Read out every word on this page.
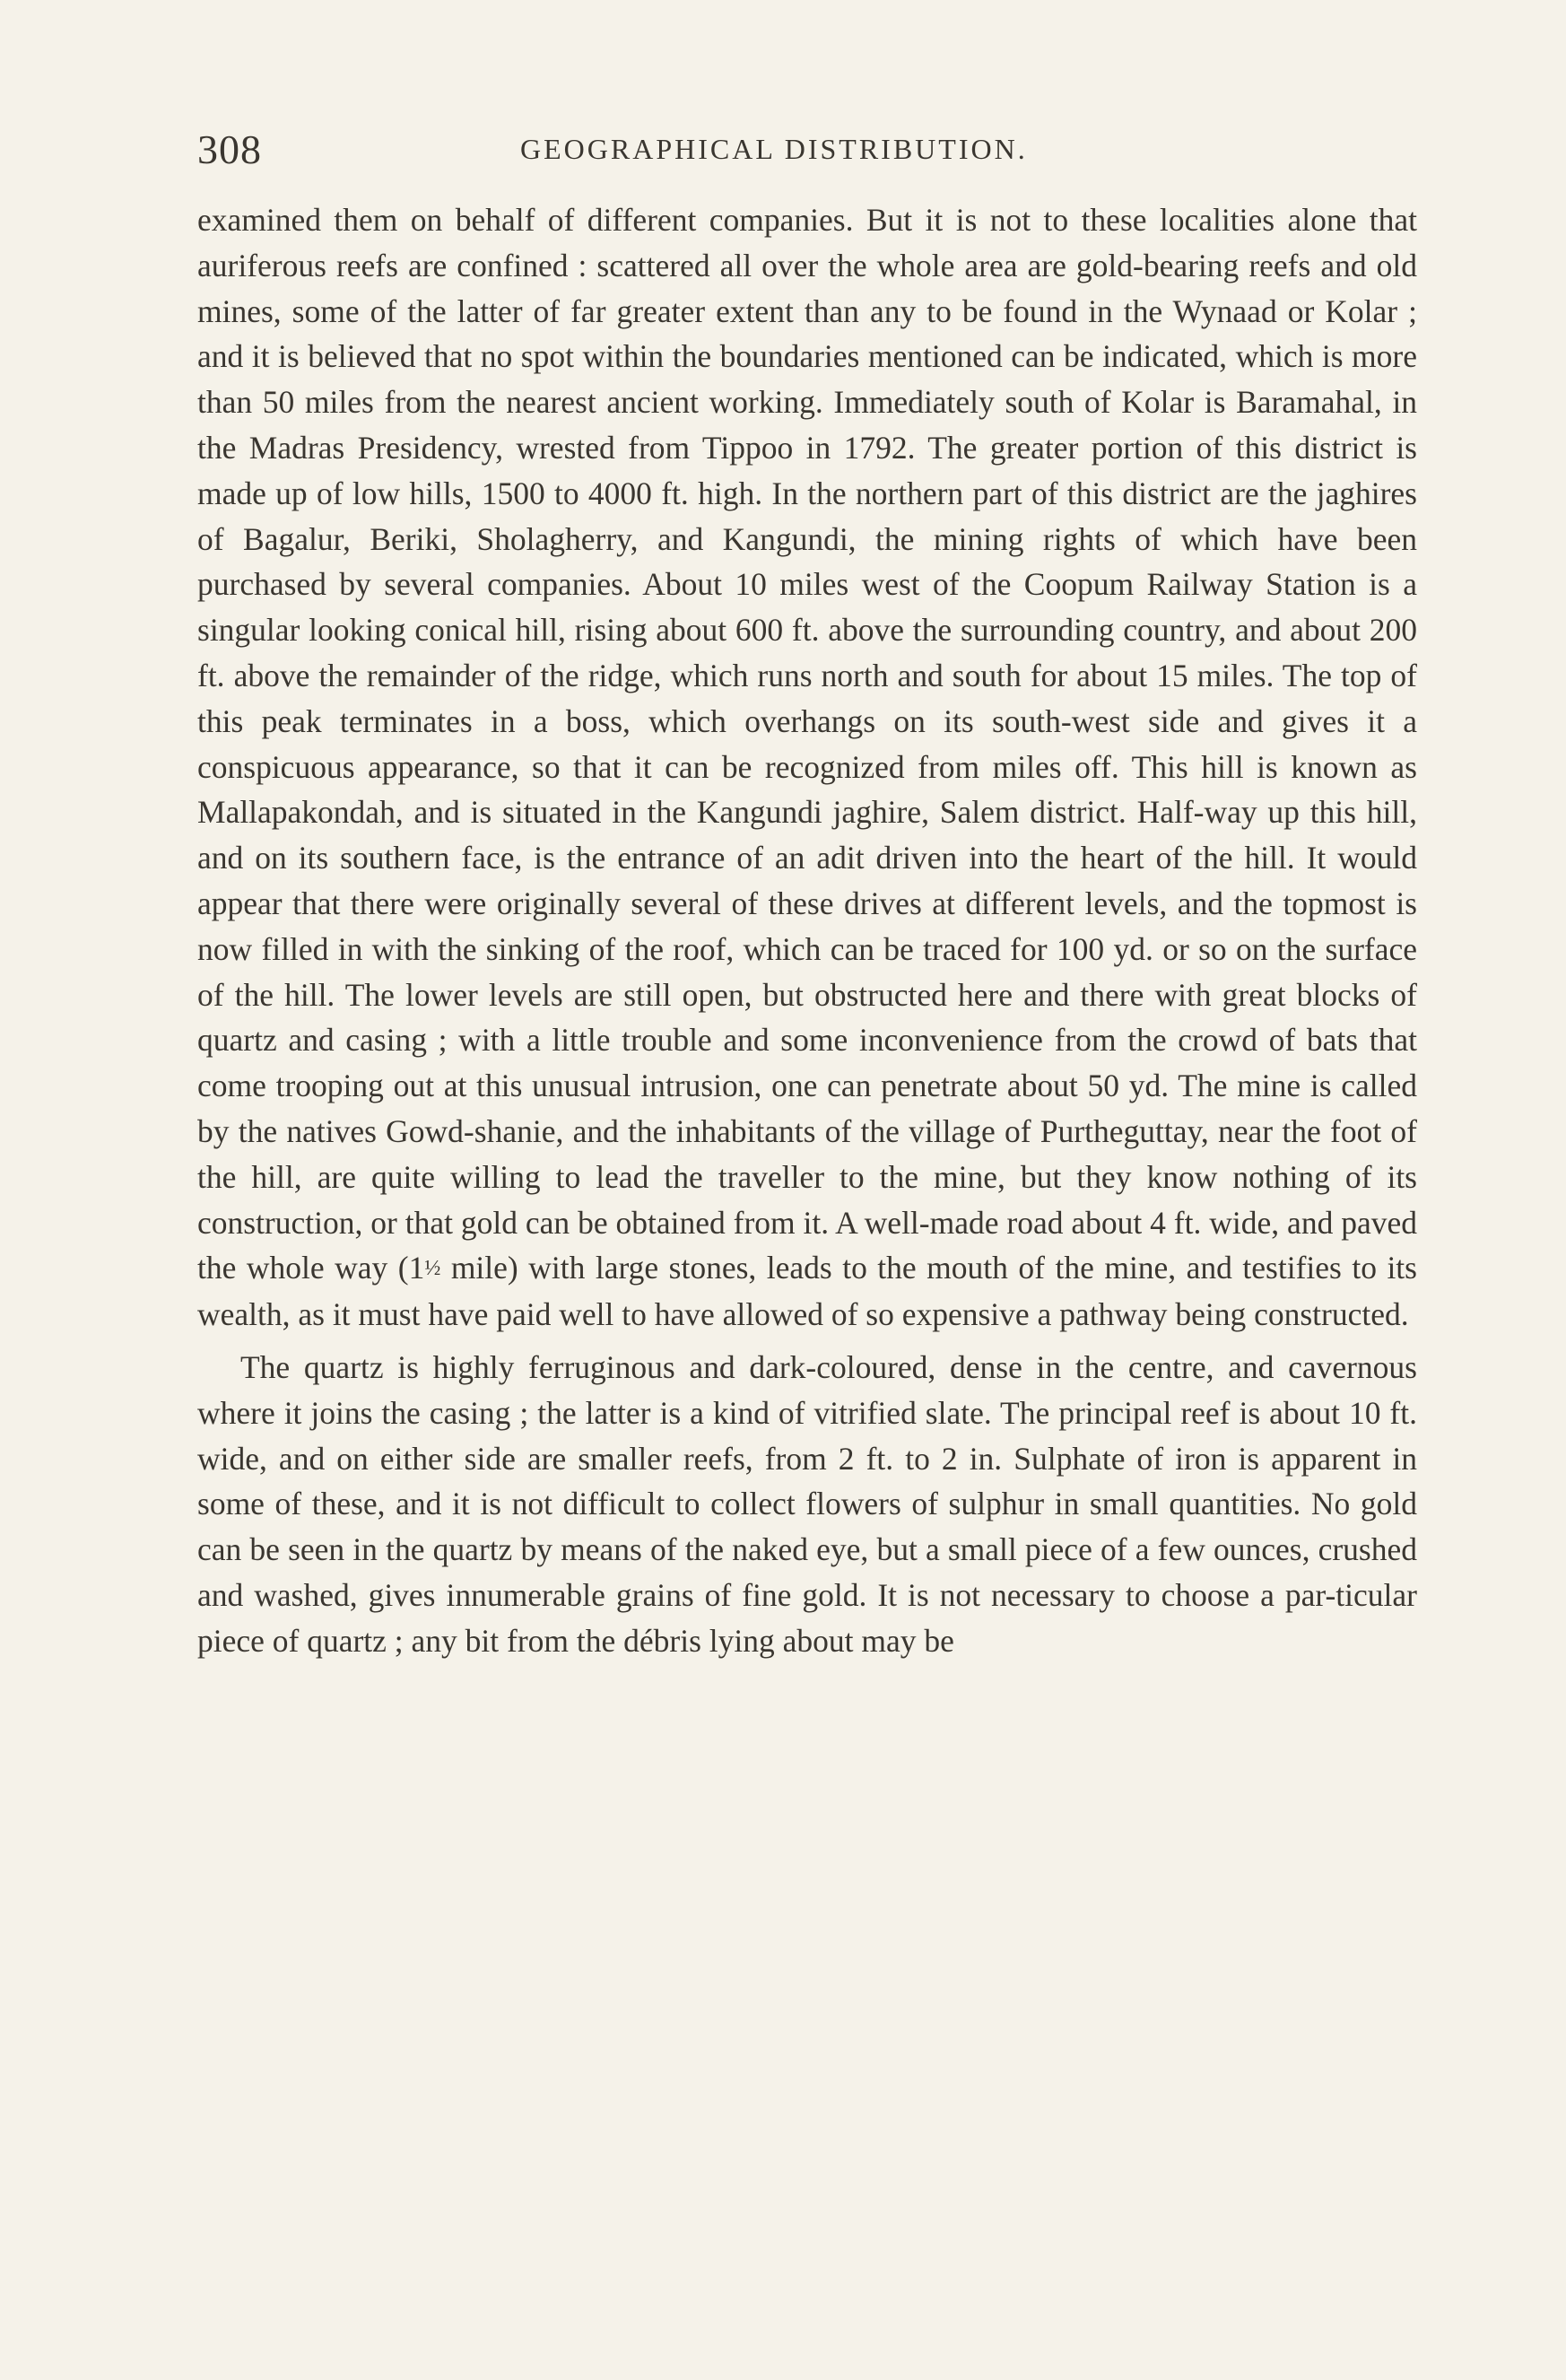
308	GEOGRAPHICAL DISTRIBUTION.

examined them on behalf of different companies. But it is not to these localities alone that auriferous reefs are confined : scattered all over the whole area are gold-bearing reefs and old mines, some of the latter of far greater extent than any to be found in the Wynaad or Kolar ; and it is believed that no spot within the boundaries mentioned can be indicated, which is more than 50 miles from the nearest ancient working. Immediately south of Kolar is Baramahal, in the Madras Presidency, wrested from Tippoo in 1792. The greater portion of this district is made up of low hills, 1500 to 4000 ft. high. In the northern part of this district are the jaghires of Bagalur, Beriki, Sholagherry, and Kangundi, the mining rights of which have been purchased by several companies. About 10 miles west of the Coopum Railway Station is a singular looking conical hill, rising about 600 ft. above the surrounding country, and about 200 ft. above the remainder of the ridge, which runs north and south for about 15 miles. The top of this peak terminates in a boss, which overhangs on its south-west side and gives it a conspicuous appearance, so that it can be recognized from miles off. This hill is known as Mallapakondah, and is situated in the Kangundi jaghire, Salem district. Half-way up this hill, and on its southern face, is the entrance of an adit driven into the heart of the hill. It would appear that there were originally several of these drives at different levels, and the topmost is now filled in with the sinking of the roof, which can be traced for 100 yd. or so on the surface of the hill. The lower levels are still open, but obstructed here and there with great blocks of quartz and casing ; with a little trouble and some inconvenience from the crowd of bats that come trooping out at this unusual intrusion, one can penetrate about 50 yd. The mine is called by the natives Gowd-shanie, and the inhabitants of the village of Purtheguttay, near the foot of the hill, are quite willing to lead the traveller to the mine, but they know nothing of its construction, or that gold can be obtained from it. A well-made road about 4 ft. wide, and paved the whole way (1½ mile) with large stones, leads to the mouth of the mine, and testifies to its wealth, as it must have paid well to have allowed of so expensive a pathway being constructed.

The quartz is highly ferruginous and dark-coloured, dense in the centre, and cavernous where it joins the casing ; the latter is a kind of vitrified slate. The principal reef is about 10 ft. wide, and on either side are smaller reefs, from 2 ft. to 2 in. Sulphate of iron is apparent in some of these, and it is not difficult to collect flowers of sulphur in small quantities. No gold can be seen in the quartz by means of the naked eye, but a small piece of a few ounces, crushed and washed, gives innumerable grains of fine gold. It is not necessary to choose a par-ticular piece of quartz ; any bit from the débris lying about may be
